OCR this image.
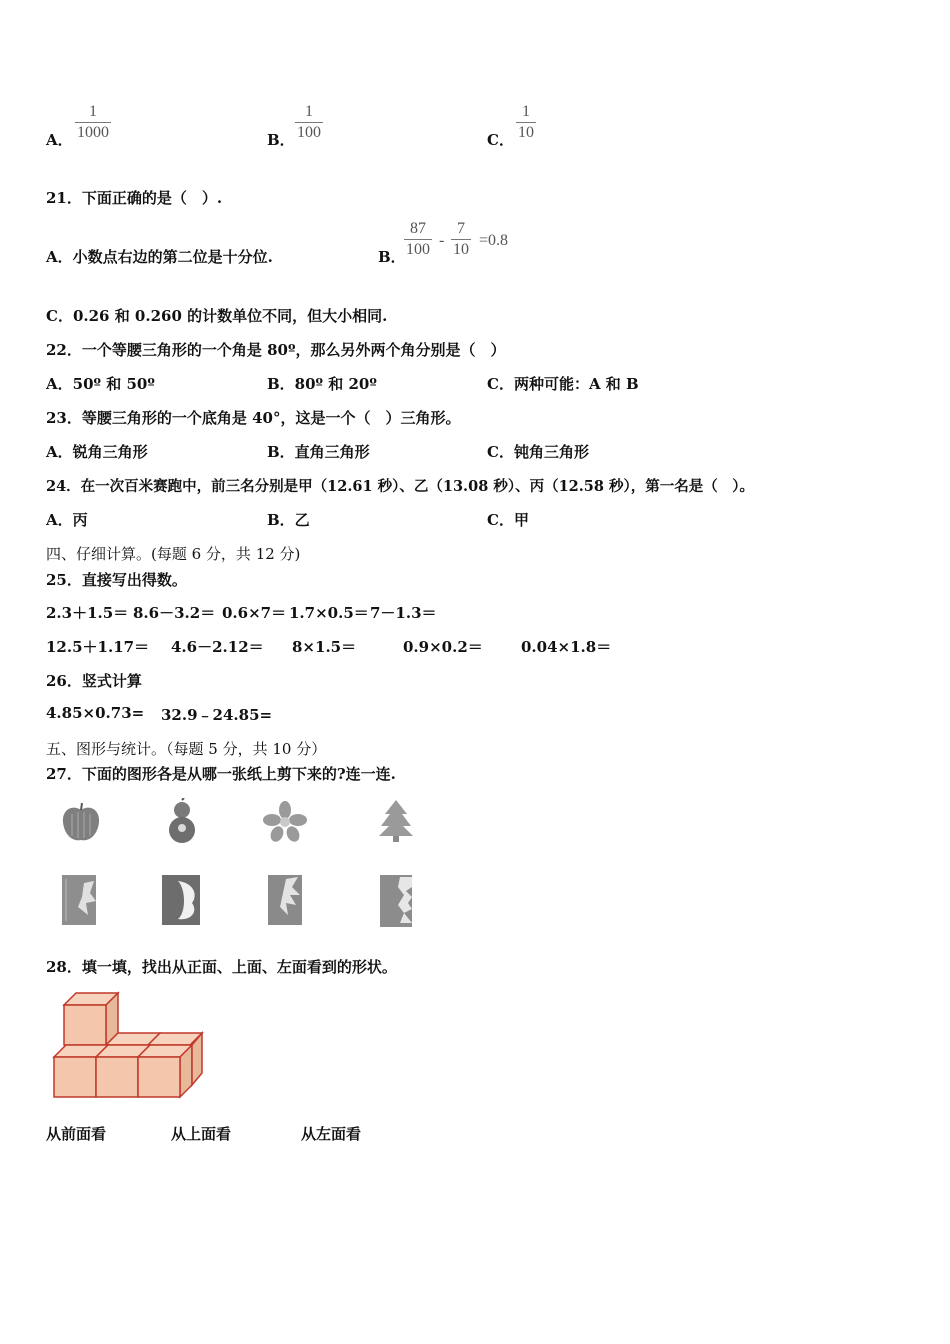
A．
1
1000	B．
1
100	C．
1
10
21．下面正确的是（　）.
A．小数点右边的第二位是十分位.	B．
87
100
-
7
10
=0.8
C．0.26 和 0.260 的计数单位不同，但大小相同.
22．一个等腰三角形的一个角是 80º，那么另外两个角分别是（　）
A．50º 和 50º	B．80º 和 20º	C．两种可能：A 和 B
23．等腰三角形的一个底角是 40°，这是一个（　）三角形。
A．锐角三角形	B．直角三角形	C．钝角三角形
24．在一次百米赛跑中，前三名分别是甲（12.61 秒）、乙（13.08 秒）、丙（12.58 秒），第一名是（　）。
A．丙	B．乙	C．甲
四、仔细计算。(每题 6 分，共 12 分)
25．直接写出得数。
2.3＋1.5＝ 8.6－3.2＝ 0.6×7＝ 1.7×0.5＝ 7－1.3＝
12.5＋1.17＝ 4.6－2.12＝ 8×1.5＝	0.9×0.2＝	0.04×1.8＝
26．竖式计算
4.85×0.73= 32.9﹣24.85=
五、图形与统计。（每题 5 分，共 10 分）
27．下面的图形各是从哪一张纸上剪下来的?连一连.
28．填一填，找出从正面、上面、左面看到的形状。
从前面看	从上面看	从左面看
